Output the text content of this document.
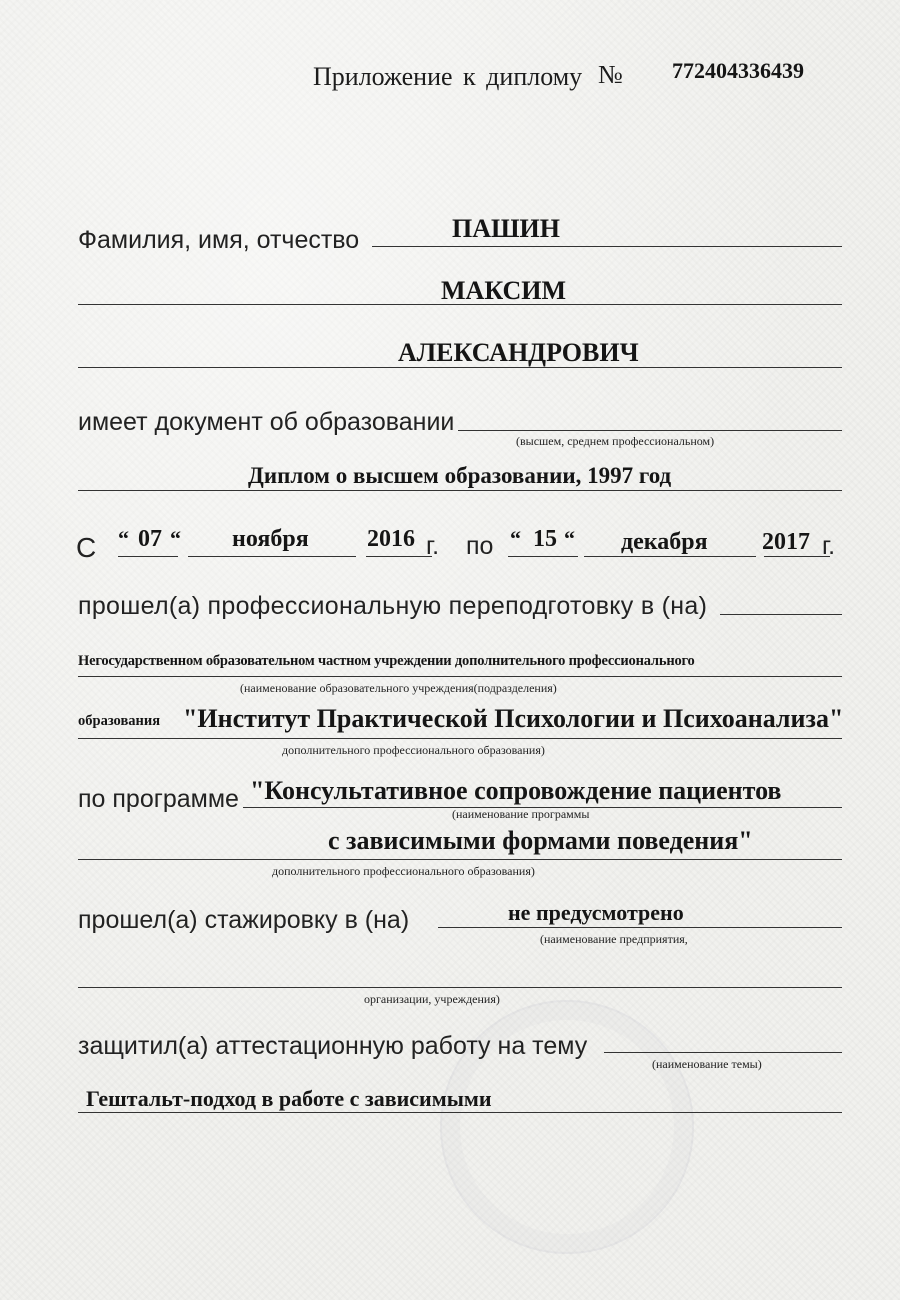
Приложение к диплому № 772404336439
Фамилия, имя, отчество	ПАШИН
МАКСИМ
АЛЕКСАНДРОВИЧ
имеет документ об образовании
(высшем, среднем профессиональном)
Диплом о высшем образовании, 1997 год
С “ 07 “ ноября 2016 г. по “ 15 “ декабря 2017 г.
прошел(а) профессиональную переподготовку в (на)
Негосударственном образовательном частном учреждении дополнительного профессионального
(наименование образовательного учреждения(подразделения)
образования "Институт Практической Психологии и Психоанализа"
дополнительного профессионального образования)
по программе "Консультативное сопровождение пациентов
(наименование программы
с зависимыми формами поведения"
дополнительного профессионального образования)
прошел(а) стажировку в (на)	не предусмотрено
(наименование предприятия,
организации, учреждения)
защитил(а) аттестационную работу на тему
(наименование темы)
Гештальт-подход в работе с зависимыми
